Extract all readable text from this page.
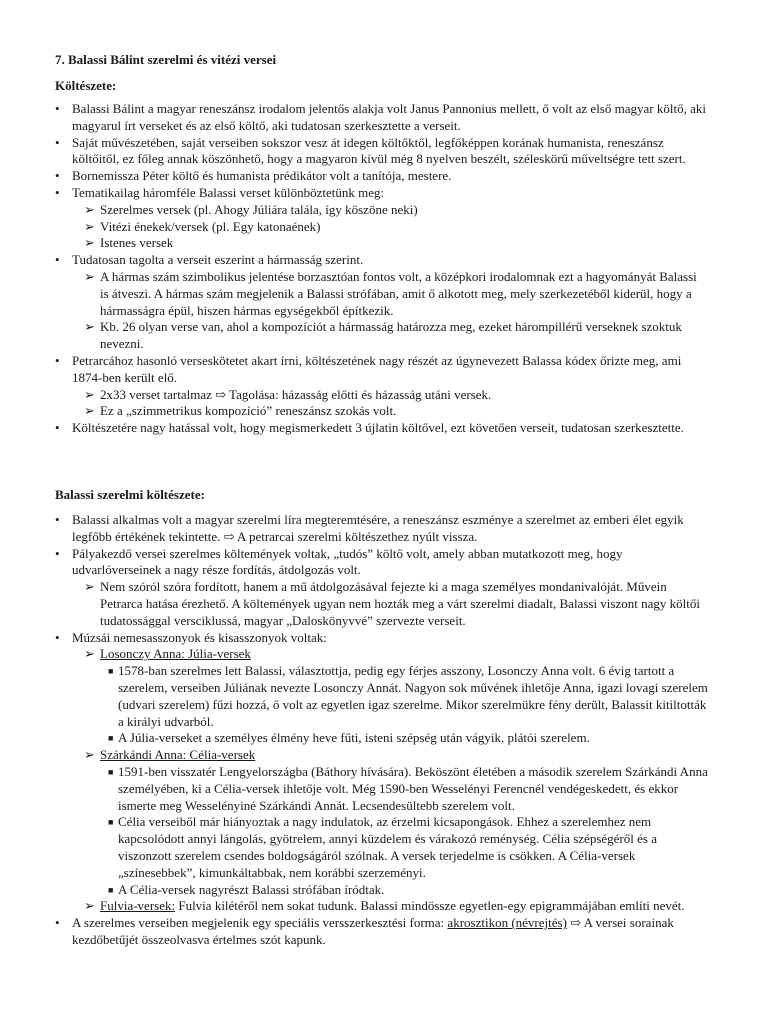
7. Balassi Bálint szerelmi és vitézi versei
Költészete:
• Balassi Bálint a magyar reneszánsz irodalom jelentős alakja volt Janus Pannonius mellett, ő volt az első magyar költő, aki magyarul írt verseket és az első költő, aki tudatosan szerkesztette a verseit.
• Saját művészetében, saját verseiben sokszor vesz át idegen költőktől, legfőképpen korának humanista, reneszánsz költőitől, ez főleg annak köszönhető, hogy a magyaron kívül még 8 nyelven beszélt, széleskörű műveltségre tett szert.
• Bornemissza Péter költő és humanista prédikátor volt a tanítója, mestere.
• Tematikailag háromféle Balassi verset különböztetünk meg:
➢ Szerelmes versek (pl. Ahogy Júliára talála, így köszöne neki)
➢ Vitézi énekek/versek (pl. Egy katonaének)
➢ Istenes versek
• Tudatosan tagolta a verseit eszerint a hármasság szerint.
➢ A hármas szám szimbolikus jelentése borzasztóan fontos volt, a középkori irodalomnak ezt a hagyományát Balassi is átveszi. A hármas szám megjelenik a Balassi strófában, amit ő alkotott meg, mely szerkezetéből kiderül, hogy a hármasságra épül, hiszen hármas egységekből építkezik.
➢ Kb. 26 olyan verse van, ahol a kompozíciót a hármasság határozza meg, ezeket hárompillérű verseknek szoktuk nevezni.
• Petrarcához hasonló verseskötetet akart írni, költészetének nagy részét az úgynevezett Balassa kódex őrizte meg, ami 1874-ben került elő.
➢ 2x33 verset tartalmaz ⇨ Tagolása: házasság előtti és házasság utáni versek.
➢ Ez a „szimmetrikus kompozíció” reneszánsz szokás volt.
• Költészetére nagy hatással volt, hogy megismerkedett 3 újlatin költővel, ezt követően verseit, tudatosan szerkesztette.
Balassi szerelmi költészete:
• Balassi alkalmas volt a magyar szerelmi líra megteremtésére, a reneszánsz eszménye a szerelmet az emberi élet egyik legfőbb értékének tekintette. ⇨ A petrarcai szerelmi költészethez nyúlt vissza.
• Pályakezdő versei szerelmes költemények voltak, „tudós” költő volt, amely abban mutatkozott meg, hogy udvarlóverseinek a nagy része fordítás, átdolgozás volt.
➢ Nem szóról szóra fordított, hanem a mű átdolgozásával fejezte ki a maga személyes mondanivalóját. Művein Petrarca hatása érezhető. A költemények ugyan nem hozták meg a várt szerelmi diadalt, Balassi viszont nagy költői tudatossággal versciklussá, magyar „Daloskönyvvé” szervezte verseit.
• Múzsái nemesasszonyok és kisasszonyok voltak:
➢ Losonczy Anna: Júlia-versek
■ 1578-ban szerelmes lett Balassi, választottja, pedig egy férjes asszony, Losonczy Anna volt. 6 évig tartott a szerelem, verseiben Júliának nevezte Losonczy Annát. Nagyon sok művének ihletője Anna, igazi lovagi szerelem (udvari szerelem) fűzi hozzá, ő volt az egyetlen igaz szerelme. Mikor szerelmükre fény derült, Balassit kitiltották a királyi udvarból.
■ A Júlia-verseket a személyes élmény heve fűti, isteni szépség után vágyik, plátói szerelem.
➢ Szárkándi Anna: Célia-versek
■ 1591-ben visszatér Lengyelországba (Báthory hívására). Beköszönt életében a második szerelem Szárkándi Anna személyében, ki a Célia-versek ihletője volt. Még 1590-ben Wesselényi Ferencnél vendégeskedett, és ekkor ismerte meg Wesselényiné Szárkándi Annát. Lecsendesültebb szerelem volt.
■ Célia verseiből már hiányoztak a nagy indulatok, az érzelmi kicsapongások. Ehhez a szerelemhez nem kapcsolódott annyi lángolás, gyötrelem, annyi küzdelem és várakozó reménység. Célia szépségéről és a viszonzott szerelem csendes boldogságáról szólnak. A versek terjedelme is csökken. A Célia-versek „színesebbek”, kimunkáltabbak, nem korábbi szerzeményi.
■ A Célia-versek nagyrészt Balassi strófában íródtak.
➢ Fulvia-versek: Fulvia kilétéről nem sokat tudunk. Balassi mindössze egyetlen-egy epigrammájában említi nevét.
• A szerelmes verseiben megjelenik egy speciális versszerkesztési forma: akrosztikon (névrejtés) ⇨ A versei sorainak kezdőbetűjét összeolvasva értelmes szót kapunk.
